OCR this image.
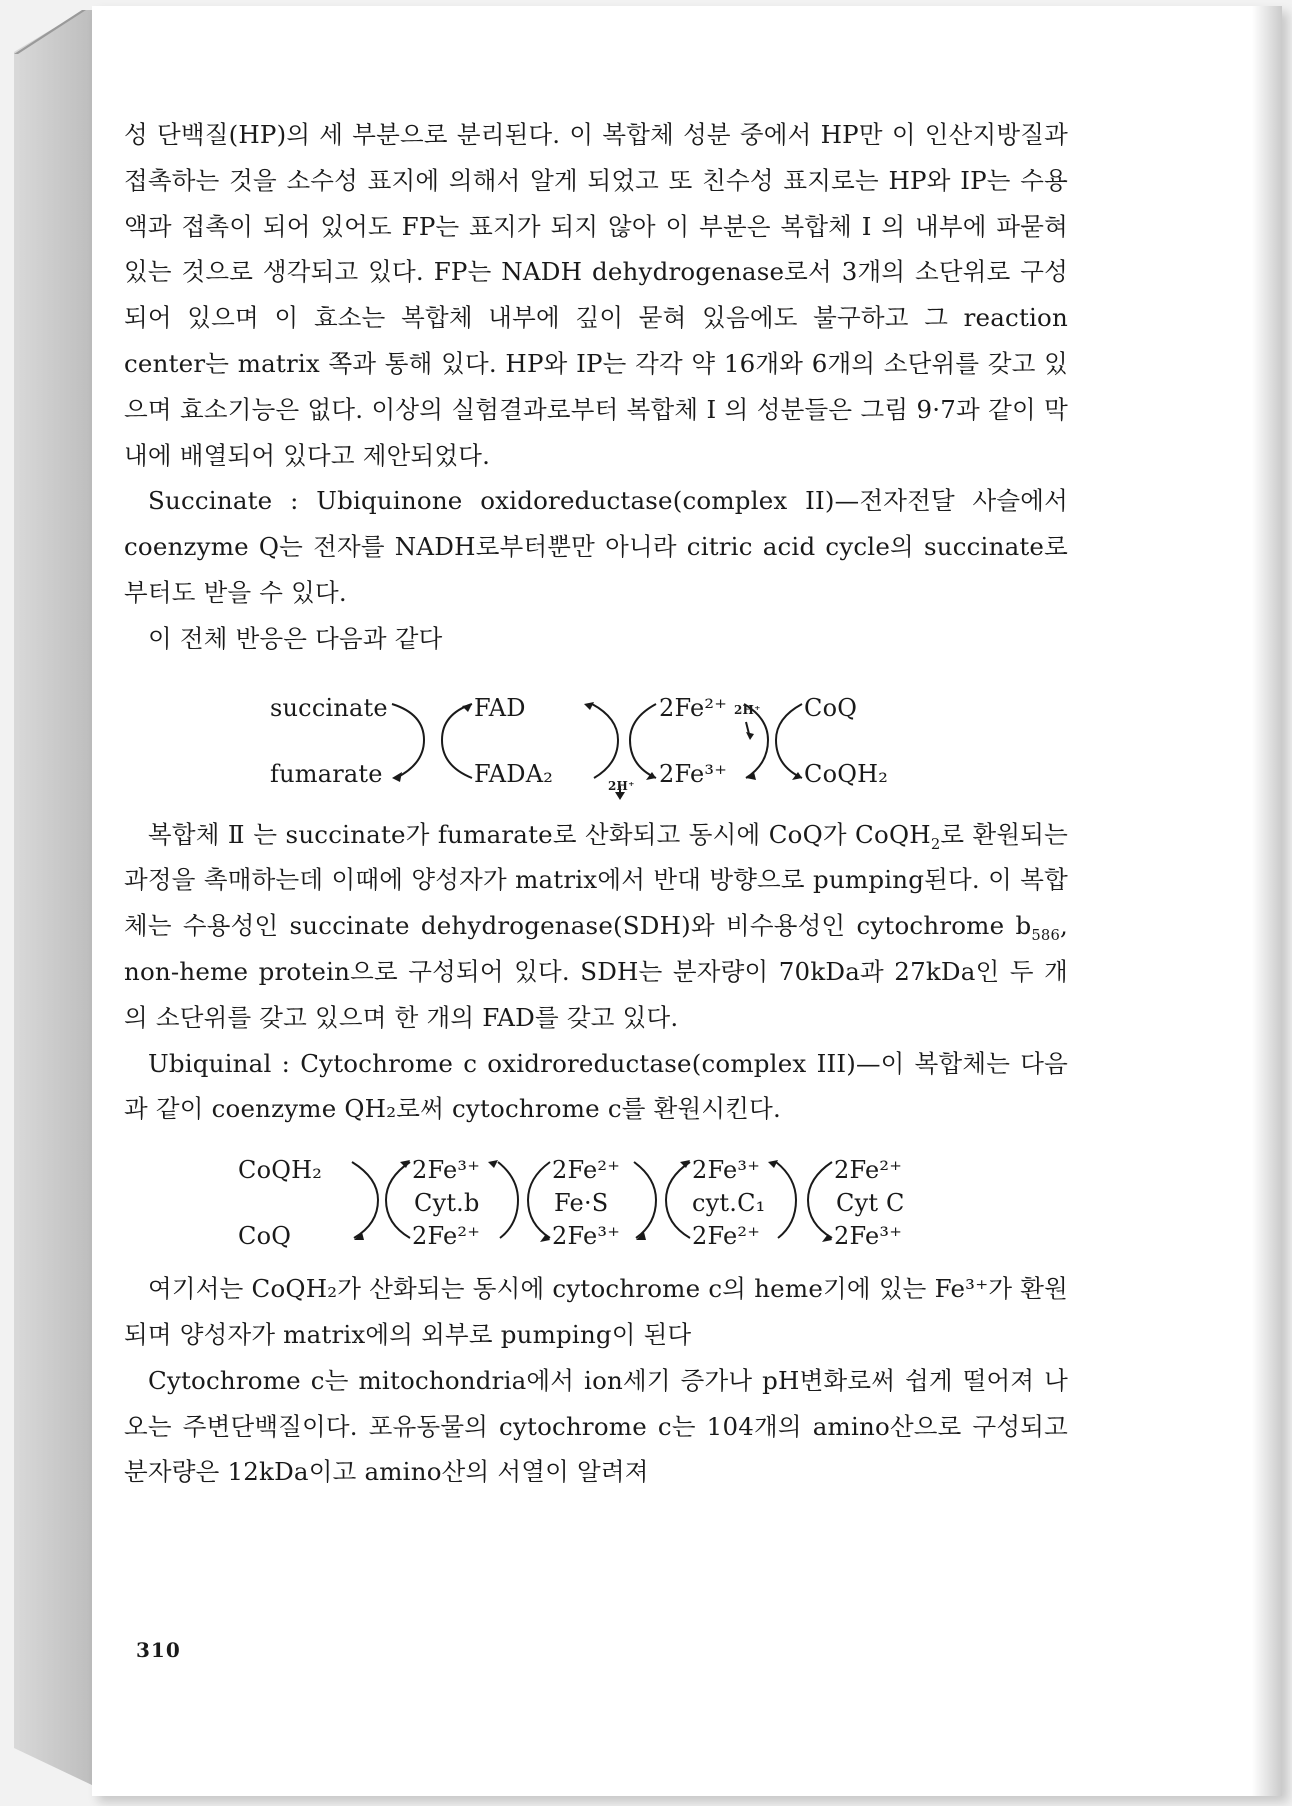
성 단백질(HP)의 세 부분으로 분리된다. 이 복합체 성분 중에서 HP만 이 인산지방질과 접촉하는 것을 소수성 표지에 의해서 알게 되었고 또 친수성 표지로는 HP와 IP는 수용액과 접촉이 되어 있어도 FP는 표지가 되지 않아 이 부분은 복합체 I 의 내부에 파묻혀 있는 것으로 생각되고 있다. FP는 NADH dehydrogenase로서 3개의 소단위로 구성되어 있으며 이 효소는 복합체 내부에 깊이 묻혀 있음에도 불구하고 그 reaction center는 matrix 쪽과 통해 있다. HP와 IP는 각각 약 16개와 6개의 소단위를 갖고 있으며 효소기능은 없다. 이상의 실험결과로부터 복합체 I 의 성분들은 그림 9·7과 같이 막내에 배열되어 있다고 제안되었다.

Succinate : Ubiquinone oxidoreductase(complex II)—전자전달 사슬에서 coenzyme Q는 전자를 NADH로부터뿐만 아니라 citric acid cycle의 succinate로부터도 받을 수 있다.

이 전체 반응은 다음과 같다

succinate
fumarate
FAD
FADA₂
2Fe²⁺
2Fe³⁺
CoQ
CoQH₂
2H⁺
2H⁺

복합체 Ⅱ 는 succinate가 fumarate로 산화되고 동시에 CoQ가 CoQH$_2$로 환원되는 과정을 촉매하는데 이때에 양성자가 matrix에서 반대 방향으로 pumping된다. 이 복합체는 수용성인 succinate dehydrogenase(SDH)와 비수용성인 cytochrome $b_{586}$, non-heme protein으로 구성되어 있다. SDH는 분자량이 70kDa과 27kDa인 두 개의 소단위를 갖고 있으며 한 개의 FAD를 갖고 있다.

Ubiquinal : Cytochrome c oxidroreductase(complex III)—이 복합체는 다음과 같이 coenzyme QH₂로써 cytochrome c를 환원시킨다.

CoQH₂
CoQ
2Fe³⁺
Cyt.b
2Fe²⁺
2Fe²⁺
Fe·S
2Fe³⁺
2Fe³⁺
cyt.C₁
2Fe²⁺
2Fe²⁺
Cyt C
2Fe³⁺

여기서는 CoQH₂가 산화되는 동시에 cytochrome c의 heme기에 있는 Fe³⁺가 환원되며 양성자가 matrix에의 외부로 pumping이 된다

Cytochrome c는 mitochondria에서 ion세기 증가나 pH변화로써 쉽게 떨어져 나오는 주변단백질이다. 포유동물의 cytochrome c는 104개의 amino산으로 구성되고 분자량은 12kDa이고 amino산의 서열이 알려져

310
